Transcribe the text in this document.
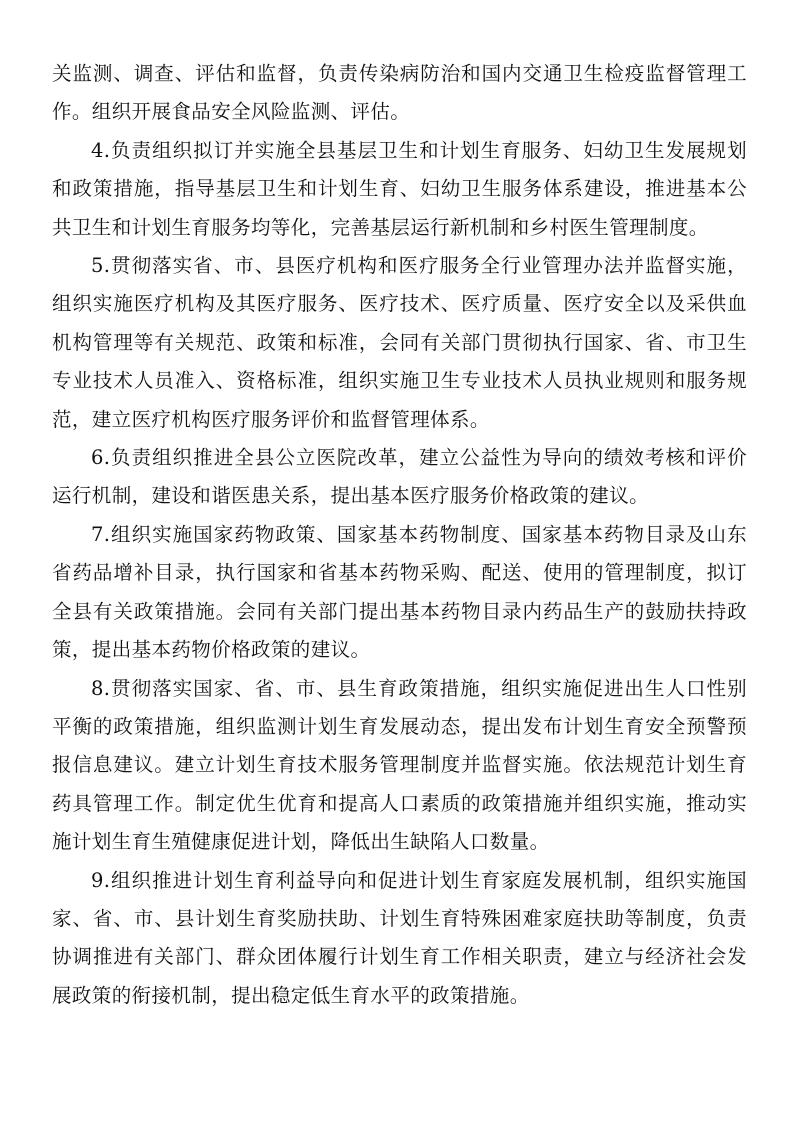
关监测、调查、评估和监督，负责传染病防治和国内交通卫生检疫监督管理工作。组织开展食品安全风险监测、评估。

4.负责组织拟订并实施全县基层卫生和计划生育服务、妇幼卫生发展规划和政策措施，指导基层卫生和计划生育、妇幼卫生服务体系建设，推进基本公共卫生和计划生育服务均等化，完善基层运行新机制和乡村医生管理制度。

5.贯彻落实省、市、县医疗机构和医疗服务全行业管理办法并监督实施，组织实施医疗机构及其医疗服务、医疗技术、医疗质量、医疗安全以及采供血机构管理等有关规范、政策和标准，会同有关部门贯彻执行国家、省、市卫生专业技术人员准入、资格标准，组织实施卫生专业技术人员执业规则和服务规范，建立医疗机构医疗服务评价和监督管理体系。

6.负责组织推进全县公立医院改革，建立公益性为导向的绩效考核和评价运行机制，建设和谐医患关系，提出基本医疗服务价格政策的建议。

7.组织实施国家药物政策、国家基本药物制度、国家基本药物目录及山东省药品增补目录，执行国家和省基本药物采购、配送、使用的管理制度，拟订全县有关政策措施。会同有关部门提出基本药物目录内药品生产的鼓励扶持政策，提出基本药物价格政策的建议。

8.贯彻落实国家、省、市、县生育政策措施，组织实施促进出生人口性别平衡的政策措施，组织监测计划生育发展动态，提出发布计划生育安全预警预报信息建议。建立计划生育技术服务管理制度并监督实施。依法规范计划生育药具管理工作。制定优生优育和提高人口素质的政策措施并组织实施，推动实施计划生育生殖健康促进计划，降低出生缺陷人口数量。

9.组织推进计划生育利益导向和促进计划生育家庭发展机制，组织实施国家、省、市、县计划生育奖励扶助、计划生育特殊困难家庭扶助等制度，负责协调推进有关部门、群众团体履行计划生育工作相关职责，建立与经济社会发展政策的衔接机制，提出稳定低生育水平的政策措施。
